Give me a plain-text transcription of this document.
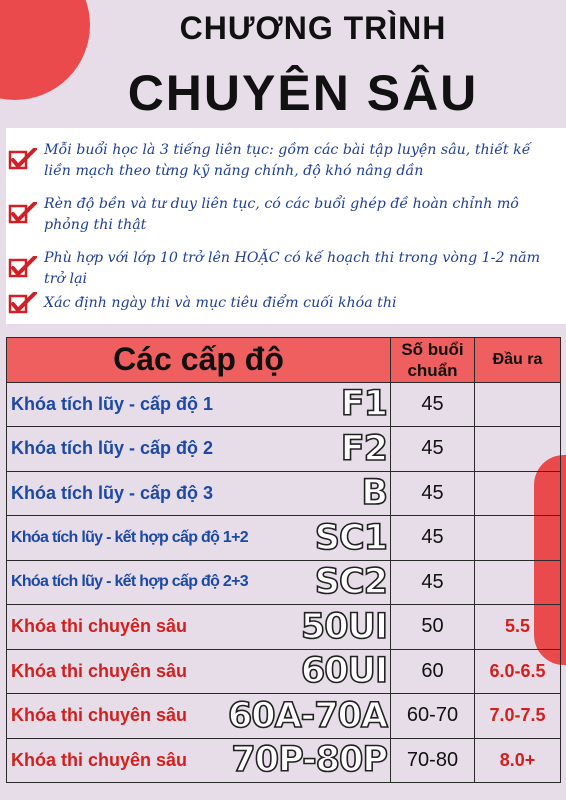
CHƯƠNG TRÌNH
CHUYÊN SÂU
Mỗi buổi học là 3 tiếng liên tục: gồm các bài tập luyện sâu, thiết kế liền mạch theo từng kỹ năng chính, độ khó nâng dần
Rèn độ bền và tư duy liên tục, có các buổi ghép đề hoàn chỉnh mô phỏng thi thật
Phù hợp với lớp 10 trở lên HOẶC có kế hoạch thi trong vòng 1-2 năm trở lại
Xác định ngày thi và mục tiêu điểm cuối khóa thi
Các cấp độ	Số buổi chuẩn	Đầu ra
Khóa tích lũy - cấp độ 1 F1	45	
Khóa tích lũy - cấp độ 2 F2	45	
Khóa tích lũy - cấp độ 3 B	45	
Khóa tích lũy - kết hợp cấp độ 1+2 SC1	45	
Khóa tích lũy - kết hợp cấp độ 2+3 SC2	45	
Khóa thi chuyên sâu 50UI	50	5.5
Khóa thi chuyên sâu 60UI	60	6.0-6.5
Khóa thi chuyên sâu 60A-70A	60-70	7.0-7.5
Khóa thi chuyên sâu 70P-80P	70-80	8.0+
